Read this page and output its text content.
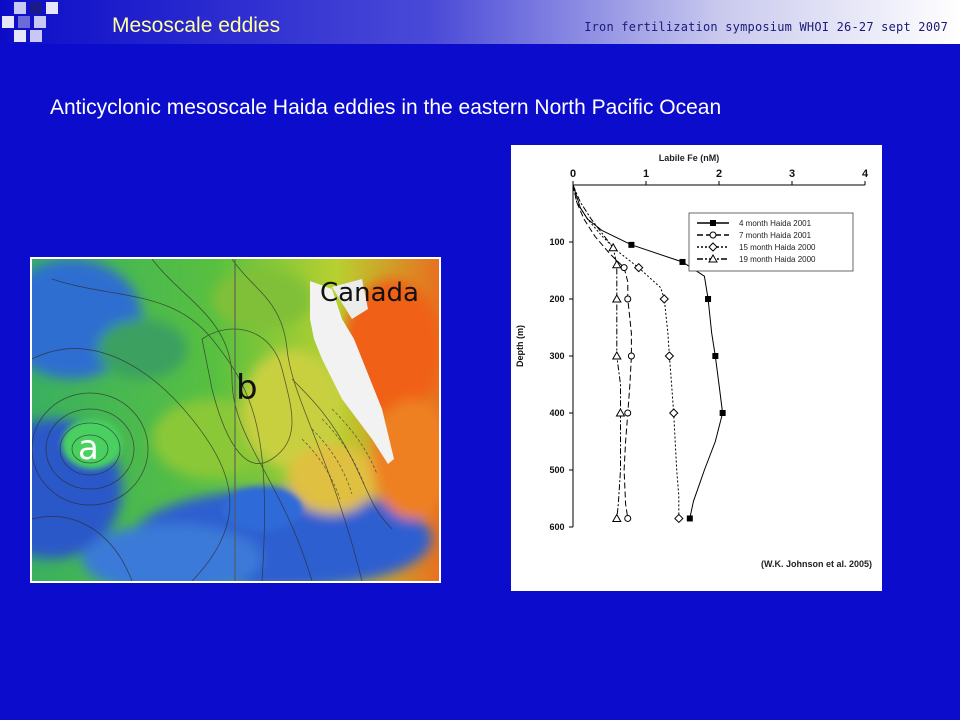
Mesoscale eddies	Iron fertilization symposium WHOI 26-27 sept 2007
Anticyclonic mesoscale Haida eddies in the eastern North Pacific Ocean
Canada
b
a
Labile Fe (nM)
0	1	2	3	4
100
200
300
400
500
600
Depth (m)
4 month Haida 2001
7 month Haida 2001
15 month Haida 2000
19 month Haida 2000
(W.K. Johnson et al. 2005)
